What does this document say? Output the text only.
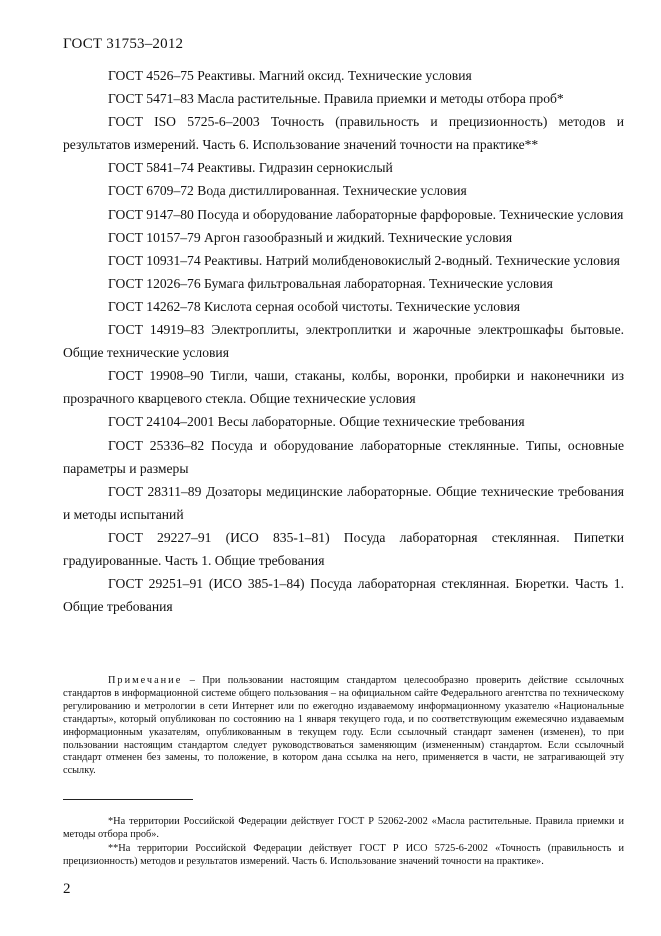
ГОСТ 31753–2012

ГОСТ 4526–75 Реактивы. Магний оксид. Технические условия

ГОСТ 5471–83 Масла растительные. Правила приемки и методы отбора проб*

ГОСТ ISO 5725-6–2003 Точность (правильность и прецизионность) методов и результатов измерений. Часть 6. Использование значений точности на практике**

ГОСТ 5841–74 Реактивы. Гидразин сернокислый

ГОСТ 6709–72 Вода дистиллированная. Технические условия

ГОСТ 9147–80 Посуда и оборудование лабораторные фарфоровые. Технические условия

ГОСТ 10157–79 Аргон газообразный и жидкий. Технические условия

ГОСТ 10931–74 Реактивы. Натрий молибденовокислый 2-водный. Технические условия

ГОСТ 12026–76 Бумага фильтровальная лабораторная. Технические условия

ГОСТ 14262–78 Кислота серная особой чистоты. Технические условия

ГОСТ 14919–83 Электроплиты, электроплитки и жарочные электрошкафы бытовые. Общие технические условия

ГОСТ 19908–90 Тигли, чаши, стаканы, колбы, воронки, пробирки и наконечники из прозрачного кварцевого стекла. Общие технические условия

ГОСТ 24104–2001 Весы лабораторные. Общие технические требования

ГОСТ 25336–82 Посуда и оборудование лабораторные стеклянные. Типы, основные параметры и размеры

ГОСТ 28311–89 Дозаторы медицинские лабораторные. Общие технические требования и методы испытаний

ГОСТ 29227–91 (ИСО 835-1–81) Посуда лабораторная стеклянная. Пипетки градуированные. Часть 1. Общие требования

ГОСТ 29251–91 (ИСО 385-1–84) Посуда лабораторная стеклянная. Бюретки. Часть 1. Общие требования

Примечание – При пользовании настоящим стандартом целесообразно проверить действие ссылочных стандартов в информационной системе общего пользования – на официальном сайте Федерального агентства по техническому регулированию и метрологии в сети Интернет или по ежегодно издаваемому информационному указателю «Национальные стандарты», который опубликован по состоянию на 1 января текущего года, и по соответствующим ежемесячно издаваемым информационным указателям, опубликованным в текущем году. Если ссылочный стандарт заменен (изменен), то при пользовании настоящим стандартом следует руководствоваться заменяющим (измененным) стандартом. Если ссылочный стандарт отменен без замены, то положение, в котором дана ссылка на него, применяется в части, не затрагивающей эту ссылку.

*На территории Российской Федерации действует ГОСТ Р 52062-2002 «Масла растительные. Правила приемки и методы отбора проб».

**На территории Российской Федерации действует ГОСТ Р ИСО 5725-6-2002 «Точность (правильность и прецизионность) методов и результатов измерений. Часть 6. Использование значений точности на практике».

2
